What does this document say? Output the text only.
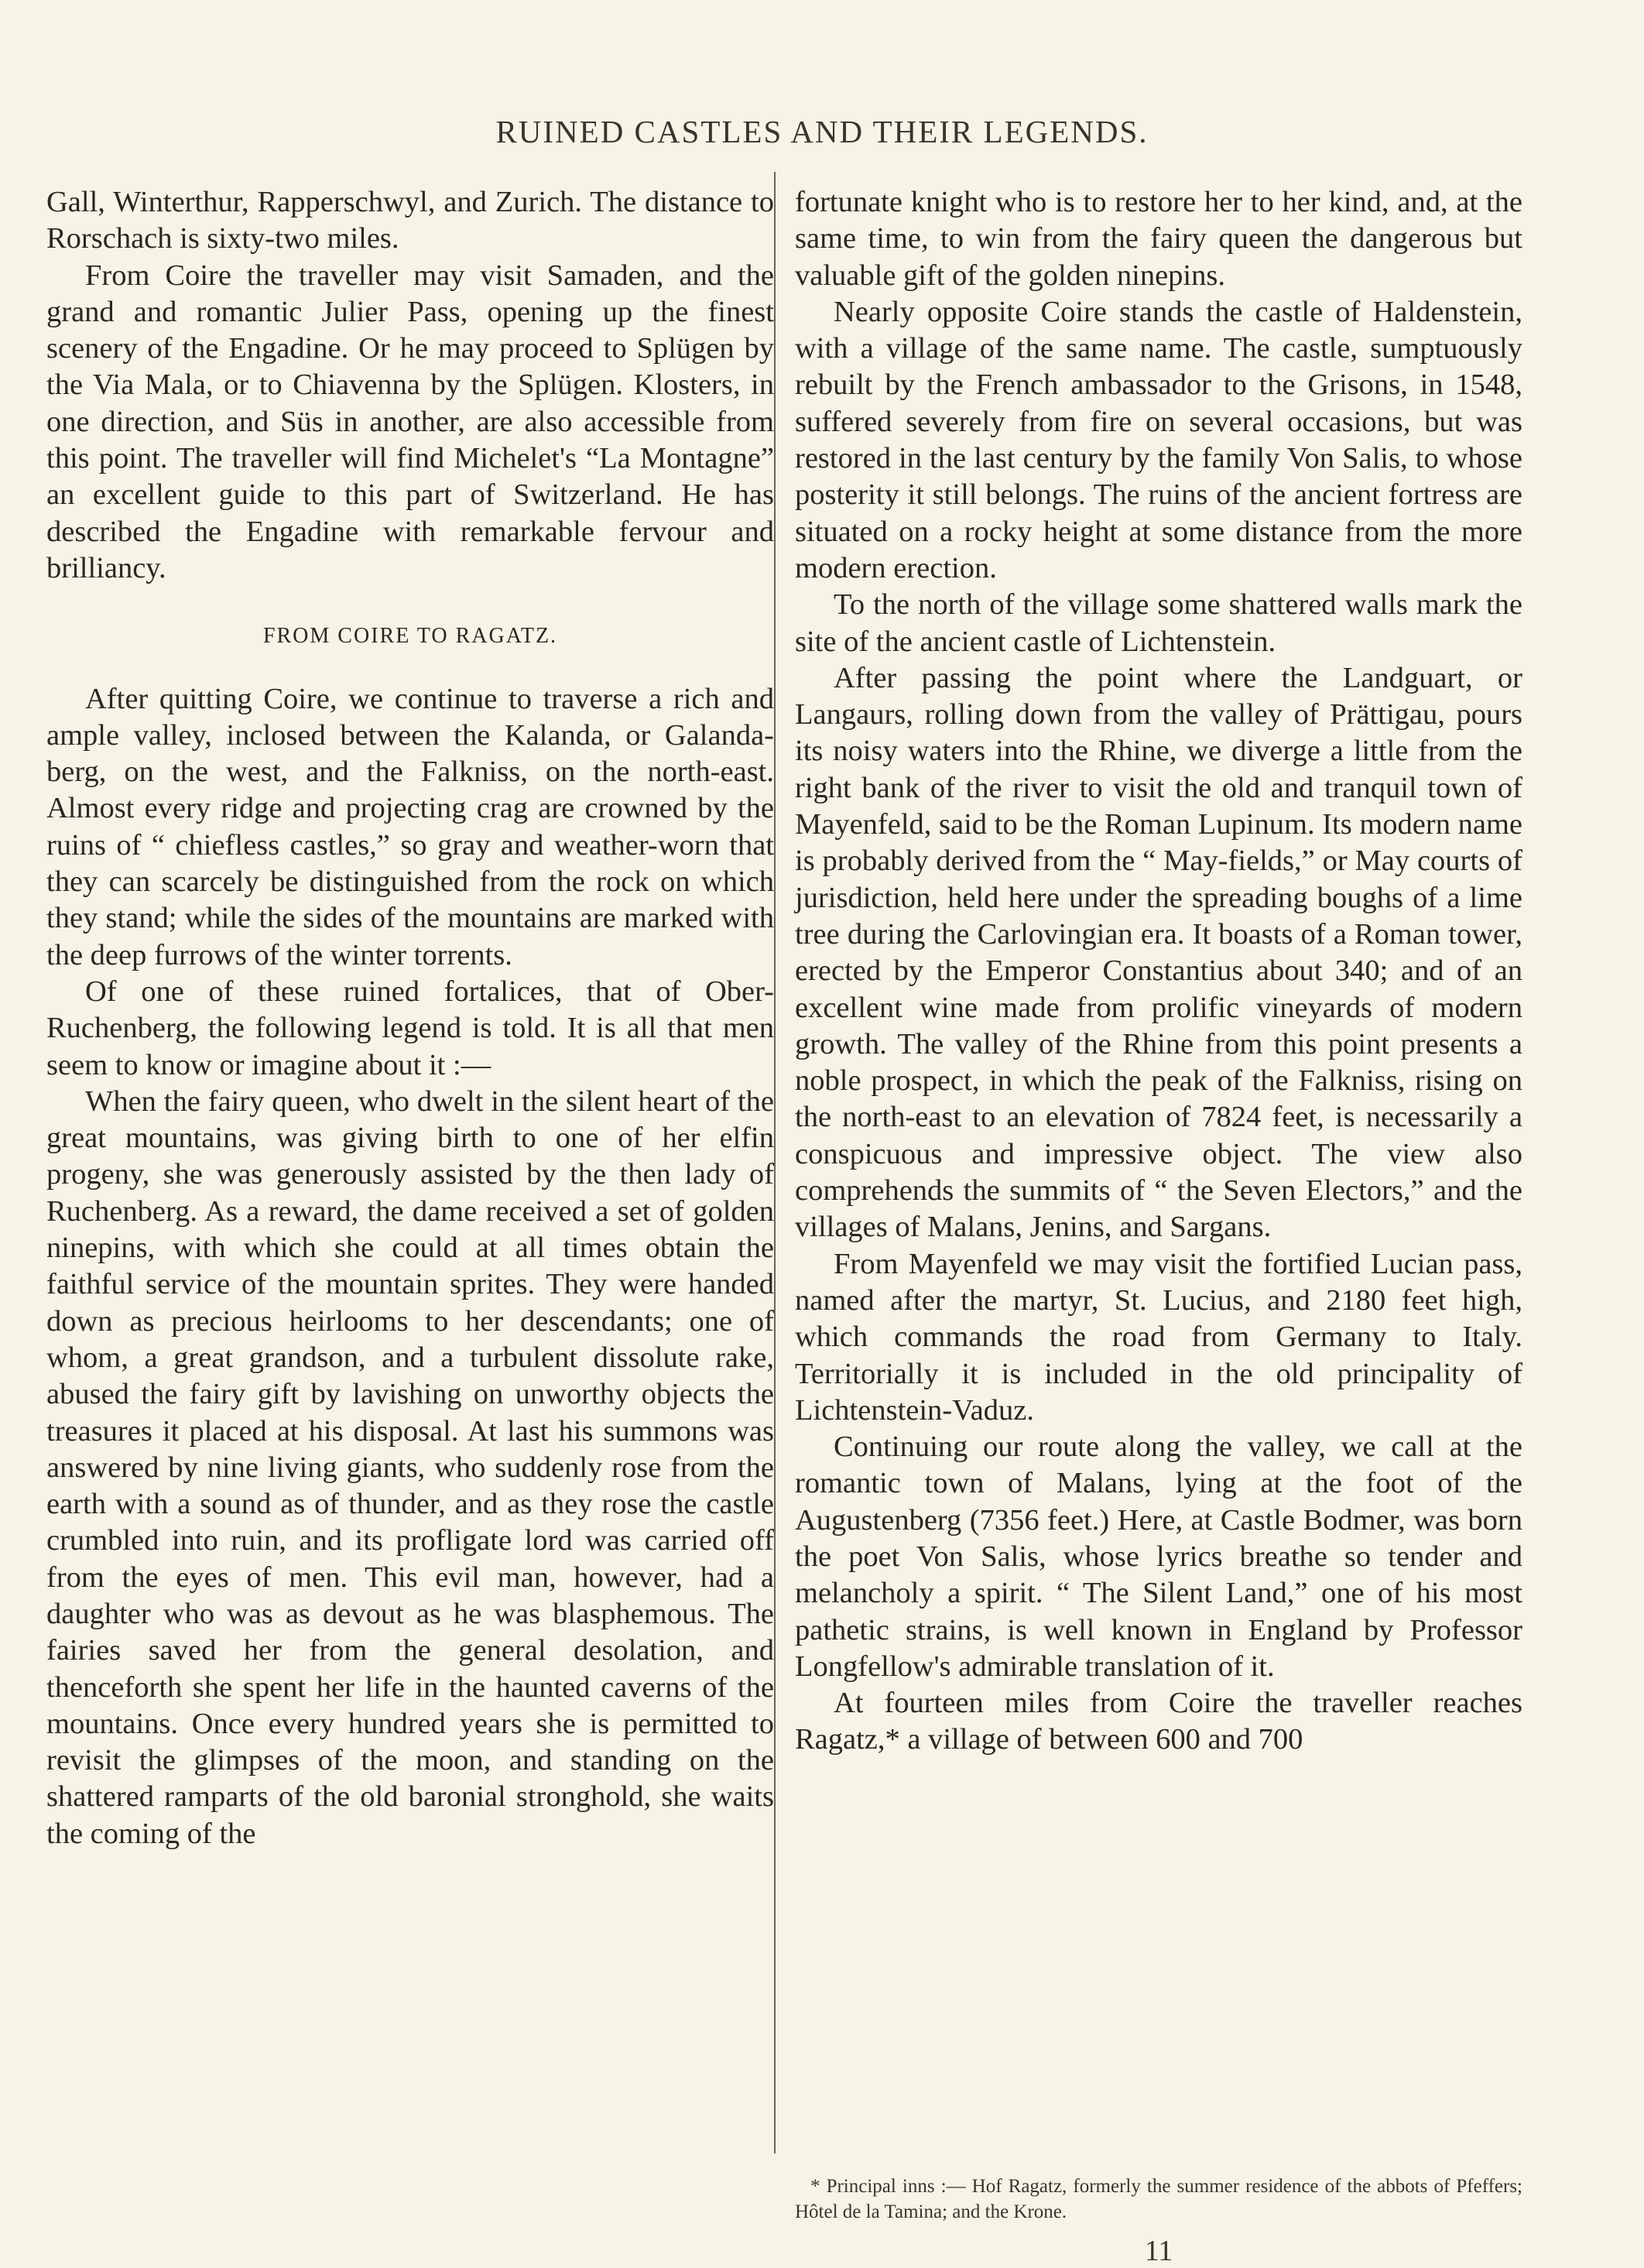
RUINED CASTLES AND THEIR LEGENDS.

Gall, Winterthur, Rapperschwyl, and Zurich. The distance to Rorschach is sixty-two miles.

From Coire the traveller may visit Samaden, and the grand and romantic Julier Pass, opening up the finest scenery of the Engadine. Or he may proceed to Splügen by the Via Mala, or to Chiavenna by the Splügen. Klosters, in one direction, and Süs in another, are also accessible from this point. The traveller will find Michelet's “La Montagne” an excellent guide to this part of Switzerland. He has described the Engadine with remarkable fervour and brilliancy.

FROM COIRE TO RAGATZ.

After quitting Coire, we continue to traverse a rich and ample valley, inclosed between the Kalanda, or Galanda-berg, on the west, and the Falkniss, on the north-east. Almost every ridge and projecting crag are crowned by the ruins of “ chiefless castles,” so gray and weather-worn that they can scarcely be distinguished from the rock on which they stand; while the sides of the mountains are marked with the deep furrows of the winter torrents.

Of one of these ruined fortalices, that of Ober-Ruchenberg, the following legend is told. It is all that men seem to know or imagine about it :—

When the fairy queen, who dwelt in the silent heart of the great mountains, was giving birth to one of her elfin progeny, she was generously assisted by the then lady of Ruchenberg. As a reward, the dame received a set of golden ninepins, with which she could at all times obtain the faithful service of the mountain sprites. They were handed down as precious heirlooms to her descendants; one of whom, a great grandson, and a turbulent dissolute rake, abused the fairy gift by lavishing on unworthy objects the treasures it placed at his disposal. At last his summons was answered by nine living giants, who suddenly rose from the earth with a sound as of thunder, and as they rose the castle crumbled into ruin, and its profligate lord was carried off from the eyes of men. This evil man, however, had a daughter who was as devout as he was blasphemous. The fairies saved her from the general desolation, and thenceforth she spent her life in the haunted caverns of the mountains. Once every hundred years she is permitted to revisit the glimpses of the moon, and standing on the shattered ramparts of the old baronial stronghold, she waits the coming of the

fortunate knight who is to restore her to her kind, and, at the same time, to win from the fairy queen the dangerous but valuable gift of the golden ninepins.

Nearly opposite Coire stands the castle of Haldenstein, with a village of the same name. The castle, sumptuously rebuilt by the French ambassador to the Grisons, in 1548, suffered severely from fire on several occasions, but was restored in the last century by the family Von Salis, to whose posterity it still belongs. The ruins of the ancient fortress are situated on a rocky height at some distance from the more modern erection.

To the north of the village some shattered walls mark the site of the ancient castle of Lichtenstein.

After passing the point where the Landguart, or Langaurs, rolling down from the valley of Prättigau, pours its noisy waters into the Rhine, we diverge a little from the right bank of the river to visit the old and tranquil town of Mayenfeld, said to be the Roman Lupinum. Its modern name is probably derived from the “ May-fields,” or May courts of jurisdiction, held here under the spreading boughs of a lime tree during the Carlovingian era. It boasts of a Roman tower, erected by the Emperor Constantius about 340; and of an excellent wine made from prolific vineyards of modern growth. The valley of the Rhine from this point presents a noble prospect, in which the peak of the Falkniss, rising on the north-east to an elevation of 7824 feet, is necessarily a conspicuous and impressive object. The view also comprehends the summits of “ the Seven Electors,” and the villages of Malans, Jenins, and Sargans.

From Mayenfeld we may visit the fortified Lucian pass, named after the martyr, St. Lucius, and 2180 feet high, which commands the road from Germany to Italy. Territorially it is included in the old principality of Lichtenstein-Vaduz.

Continuing our route along the valley, we call at the romantic town of Malans, lying at the foot of the Augustenberg (7356 feet.) Here, at Castle Bodmer, was born the poet Von Salis, whose lyrics breathe so tender and melancholy a spirit. “ The Silent Land,” one of his most pathetic strains, is well known in England by Professor Longfellow's admirable translation of it.

At fourteen miles from Coire the traveller reaches Ragatz,* a village of between 600 and 700

* Principal inns :— Hof Ragatz, formerly the summer residence of the abbots of Pfeffers; Hôtel de la Tamina; and the Krone.
11
